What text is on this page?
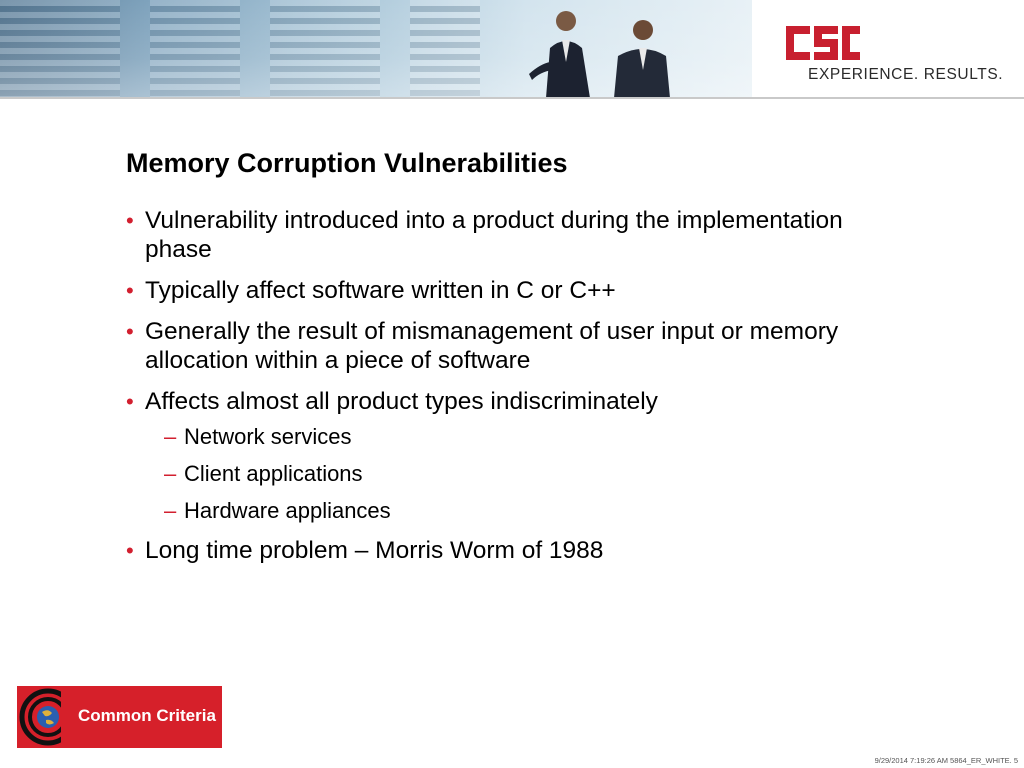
EXPERIENCE. RESULTS.
Memory Corruption Vulnerabilities
• Vulnerability introduced into a product during the implementation phase
• Typically affect software written in C or C++
• Generally the result of mismanagement of user input or memory allocation within a piece of software
• Affects almost all product types indiscriminately
– Network services
– Client applications
– Hardware appliances
• Long time problem – Morris Worm of 1988
Common Criteria
9/29/2014 7:19:26 AM 5864_ER_WHITE. 5
